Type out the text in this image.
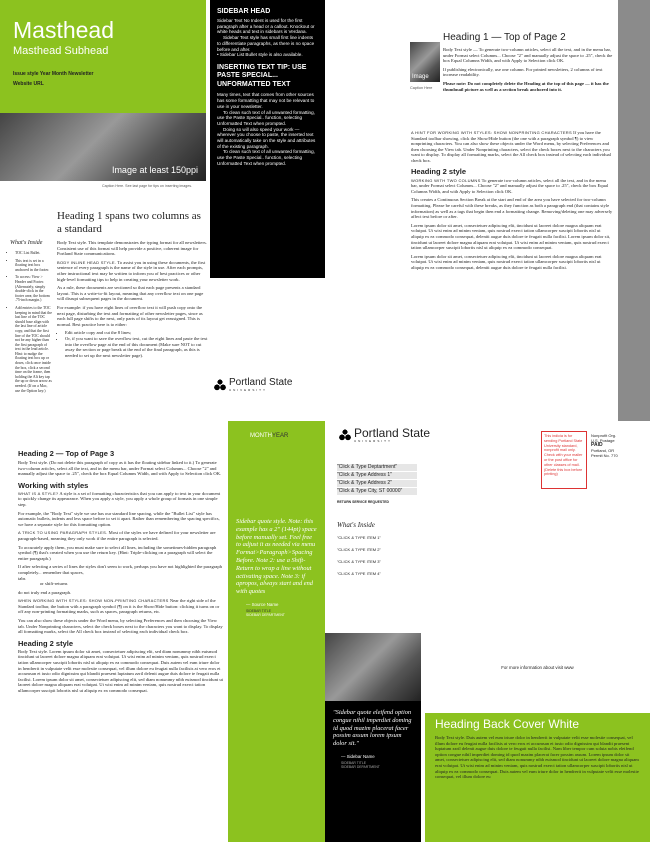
Masthead
Masthead Subhead
Issue style Year Month Newsletter
Website URL
Image at least 150ppi
Caption Here. See last page for tips on inserting images.
Heading 1 spans two columns as a standard
What's Inside
• TOC List Ballet.
• This text is set in a floating text box anchored in the footer.
• To access: View > Header and Footer. (Alternately, simply double-click in the footer area; the bottom .75-inch margin.)
• Add entries to the TOC keeping in mind that the last line of the TOC should base align with the last line of article copy, and that the first line of the TOC should not be any higher than the first paragraph of text in the lead article. Hint: to nudge the floating text box up or down, click once inside the box, click a second time on the frame, then holding the Alt key tap the up or down arrow as needed. (If on a Mac, use the Option key.)

Body Text style. This template demonstrates the typing format for all newsletters. Consistent use of this format will help provide a positive, coherent image for Portland State communications.

BODY INLINE HEAD STYLE. To assist you in using these documents, the first sentence of every paragraph is the name of the style in use. After each prompts, other instructional text may be written to inform you of best practices or other high-level formatting tips to help in creating your newsletter work.

As a rule, these documents are sectioned so that each page presents a standard layout. This is a write-to-fit layout, meaning that any overflow text on one page will disrupt subsequent pages in the document.

For example: if you have eight lines of overflow text it will push copy onto the next page, disturbing the text and formatting of other newsletter pages, since as each full page shifts to the next, only parts of its layout get reassigned. This is normal. Best practice here is to either:

• Edit article copy and cut the 8 lines;
• Or, if you want to save the overflow text, cut the eight lines and paste the text into the overflow page at the end of this document (Make sure NOT to cut away the section or page break at the end of the final paragraph, as this is needed to set up the next newsletter page).
SIDEBAR HEAD

Sidebar Text No Indent is used for the first paragraph after a head or a callout. Knockout or white heads and text in sidebars is Verdana.

Sidebar Text style has small first line indents to differentiate paragraphs, as there is no space before and after.

• Sidebar List Bullet style is also available.

INSERTING TEXT TIP: USE PASTE SPECIAL... UNFORMATTED TEXT

Many times, text that comes from other sources has some formatting that may not be relevant to use in your newsletter.

To clean such text of all unwanted formatting, use the Paste Special.. function, selecting Unformatted Text when prompted.

Doing so will also speed your work — wherever you choose to paste, the inserted text will automatically take on the style and attributes of the existing paragraph.

To clean such text of all unwanted formatting, use the Paste Special.. function, selecting Unformatted Text when prompted.

Portland State
UNIVERSITY
Image
Caption Here
Heading 1 — Top of Page 2

Body Text style — To generate two-column articles, select all the text, and in the menu bar, under Format select Columns... Choose "2" and manually adjust the space to .25", check the box Equal Columns Width, and with Apply to Selection click OK.

If publishing electronically, use one column. For printed newsletters, 2 columns of text increase readability.

Please note: Do not completely delete the Heading at the top of this page — it has the thumbnail picture as well as a section break anchored into it.

A HINT FOR WORKING WITH STYLES: SHOW NONPRINTING CHARACTERS If you have the Standard toolbar showing, click the Show/Hide button (the one with a paragraph symbol ¶) to view nonprinting characters. You can also show these objects under the Word menu, by selecting Preferences and then choosing the View tab. Under Nonprinting characters, select the check boxes next to the characters you want to display. To display all formatting marks, select the All check box instead of selecting each individual check box.

Heading 2 style

WORKING WITH TWO COLUMNS To generate two-column articles, select all the text, and in the menu bar, under Format select Columns... Choose "2" and manually adjust the space to .25", check the box Equal Columns Width, and with Apply to Selection click OK.

This creates a Continuous Section Break at the start and end of the area you have selected for two-column formatting. Please be careful with these breaks, as they function as both a paragraph end (that contains style information) as well as a tags that begin then end a formatting change. Removing/deleting one may adversely affect text before or after.

Lorem ipsum dolor sit amet, consectetuer adipiscing elit, tincidunt ut laoreet dolore magna aliquam erat volutpat. Ut wisi enim ad minim veniam, quis nostrud exerci tation ullamcorper suscipit lobortis nisl ut aliquip ex ea commodo consequat, deleniti augue duis dolore te feugait nulla facilisi. Lorem ipsum dolor sit, tincidunt ut laoreet dolore magna aliquam erat volutpat. Ut wisi enim ad minim veniam, quis nostrud exerci tation ullamcorper suscipit lobortis nisl ut aliquip ex ea commodo consequat.

Lorem ipsum dolor sit amet, consectetuer adipiscing elit, tincidunt ut laoreet dolore magna aliquam erat volutpat. Ut wisi enim ad minim veniam, quis nostrud exerci tation ullamcorper suscipit lobortis nisl ut aliquip ex ea commodo consequat, deleniti augue duis dolore te feugait nulla facilisi.

MONTHYEAR
Heading 2 — Top of Page 3

Body Text style. (Do not delete this paragraph of copy as it has the floating sidebar linked to it.) To generate two-column articles, select all the text, and in the menu bar, under Format select Columns... Choose "2" and manually adjust the space to .25", check the box Equal Columns Width, and with Apply to Selection click OK.

Working with styles

WHAT IS A STYLE? A style is a set of formatting characteristics that you can apply to text in your document to quickly change its appearance. When you apply a style, you apply a whole group of formats in one simple step.

For example, the "Body Text" style we use has our standard line spacing, while the "Bullet List" style has automatic bullets, indents and less space before to set it apart. Rather than remembering the spacing specifics, we have a separate style for this formatting option.

A TRICK TO USING PARAGRAPH STYLES. Most of the styles we have defined for your newsletter are paragraph-based, meaning they only work if the entire paragraph is selected.

To accurately apply them, you must make sure to select all lines, including the sometimes-hidden paragraph symbol (¶) that's created when you use the return key. (Hint: Triple-clicking on a paragraph will select the entire paragraph.)

If after selecting a series of lines the styles don't seem to work, perhaps you have not highlighted the paragraph completely... remember that spaces,

tabs

or shift-returns

do not truly end a paragraph.

WHEN WORKING WITH STYLES: SHOW NON-PRINTING CHARACTERS Near the right side of the Standard toolbar, the button with a paragraph symbol (¶) on it is the Show/Hide button: clicking it turns on or off any non-printing formatting marks, such as spaces, paragraph returns, etc.

You can also show these objects under the Word menu, by selecting Preferences and then choosing the View tab. Under Nonprinting characters, select the check boxes next to the characters you want to display. To display all formatting marks, select the All check box instead of selecting each individual check box.

Heading 2 style

Body Text style. Lorem ipsum dolor sit amet, consectetuer adipiscing elit, sed diam nonummy nibh euismod tincidunt ut laoreet dolore magna aliquam erat volutpat. Ut wisi enim ad minim veniam, quis nostrud exerci tation ullamcorper suscipit lobortis nisl ut aliquip ex ea commodo consequat. Duis autem vel eum iriure dolor in hendrerit in vulputate velit esse molestie consequat, vel illum dolore eu feugiat nulla facilisis at vero eros et accumsan et iusto odio dignissim qui blandit praesent luptatum zzril delenit augue duis dolore te feugait nulla facilisi. Lorem ipsum dolor sit amet, consectetuer adipiscing elit, sed diam nonummy nibh euismod tincidunt ut laoreet dolore magna aliquam erat volutpat. Ut wisi enim ad minim veniam, quis nostrud exerci tation ullamcorper suscipit lobortis nisl ut aliquip ex ea commodo consequat.

Sidebar quote style. Note: this example has a 2" (144pt) space before manually set. Feel free to adjust it as needed via menu Format>Paragraph>Spacing Before. Note 2: use a Shift-Return to wrap a line without activating space. Note 3: if apropos, always start and end with quotes
— Source Name
SIDEBAR TITLE
SIDEBAR DEPARTMENT
Portland State
UNIVERSITY
"Click & Type Deptartment"
"Click & Type Address 1"
"Click & Type Address 2"
"Click & Type City, ST 00000"
RETURN SERVICE REQUESTED
What's Inside
"CLICK & TYPE ITEM 1"
"CLICK & TYPE ITEM 2"
"CLICK & TYPE ITEM 3"
"CLICK & TYPE ITEM 4"
This indicia is for sending Portland State University standard, nonprofit mail only. Check with your mailer or the post office for other classes of mail. (Delete this box before printing)
Nonprofit Org.
U.S. Postage
PAID
Portland, OR
Permit No. 770
"Sidebar quote eleifend option congue nihil imperdiet doming id quod mazim placerat facer possim assum lorem ipsum dolor sit."
— Sidebar Name
SIDEBAR TITLE
SIDEBAR DEPARTMENT
For more information about visit www
Heading Back Cover White

Body Text style. Duis autem vel eum iriure dolor in hendrerit in vulputate velit esse molestie consequat, vel illum dolore eu feugiat nulla facilisis at vero eros et accumsan et iusto odio dignissim qui blandit praesent luptatum zzril delenit augue duis dolore te feugait nulla facilisi. Nam liber tempor cum soluta nobis eleifend option congue nihil imperdiet doming id quod mazim placerat facer possim assum. Lorem ipsum dolor sit amet, consectetuer adipiscing elit, sed diam nonummy nibh euismod tincidunt ut laoreet dolore magna aliquam erat volutpat. Ut wisi enim ad minim veniam, quis nostrud exerci tation ullamcorper suscipit lobortis nisl ut aliquip ex ea commodo consequat. Duis autem vel eum iriure dolor in hendrerit in vulputate velit esse molestie consequat, vel illum dolore eu
